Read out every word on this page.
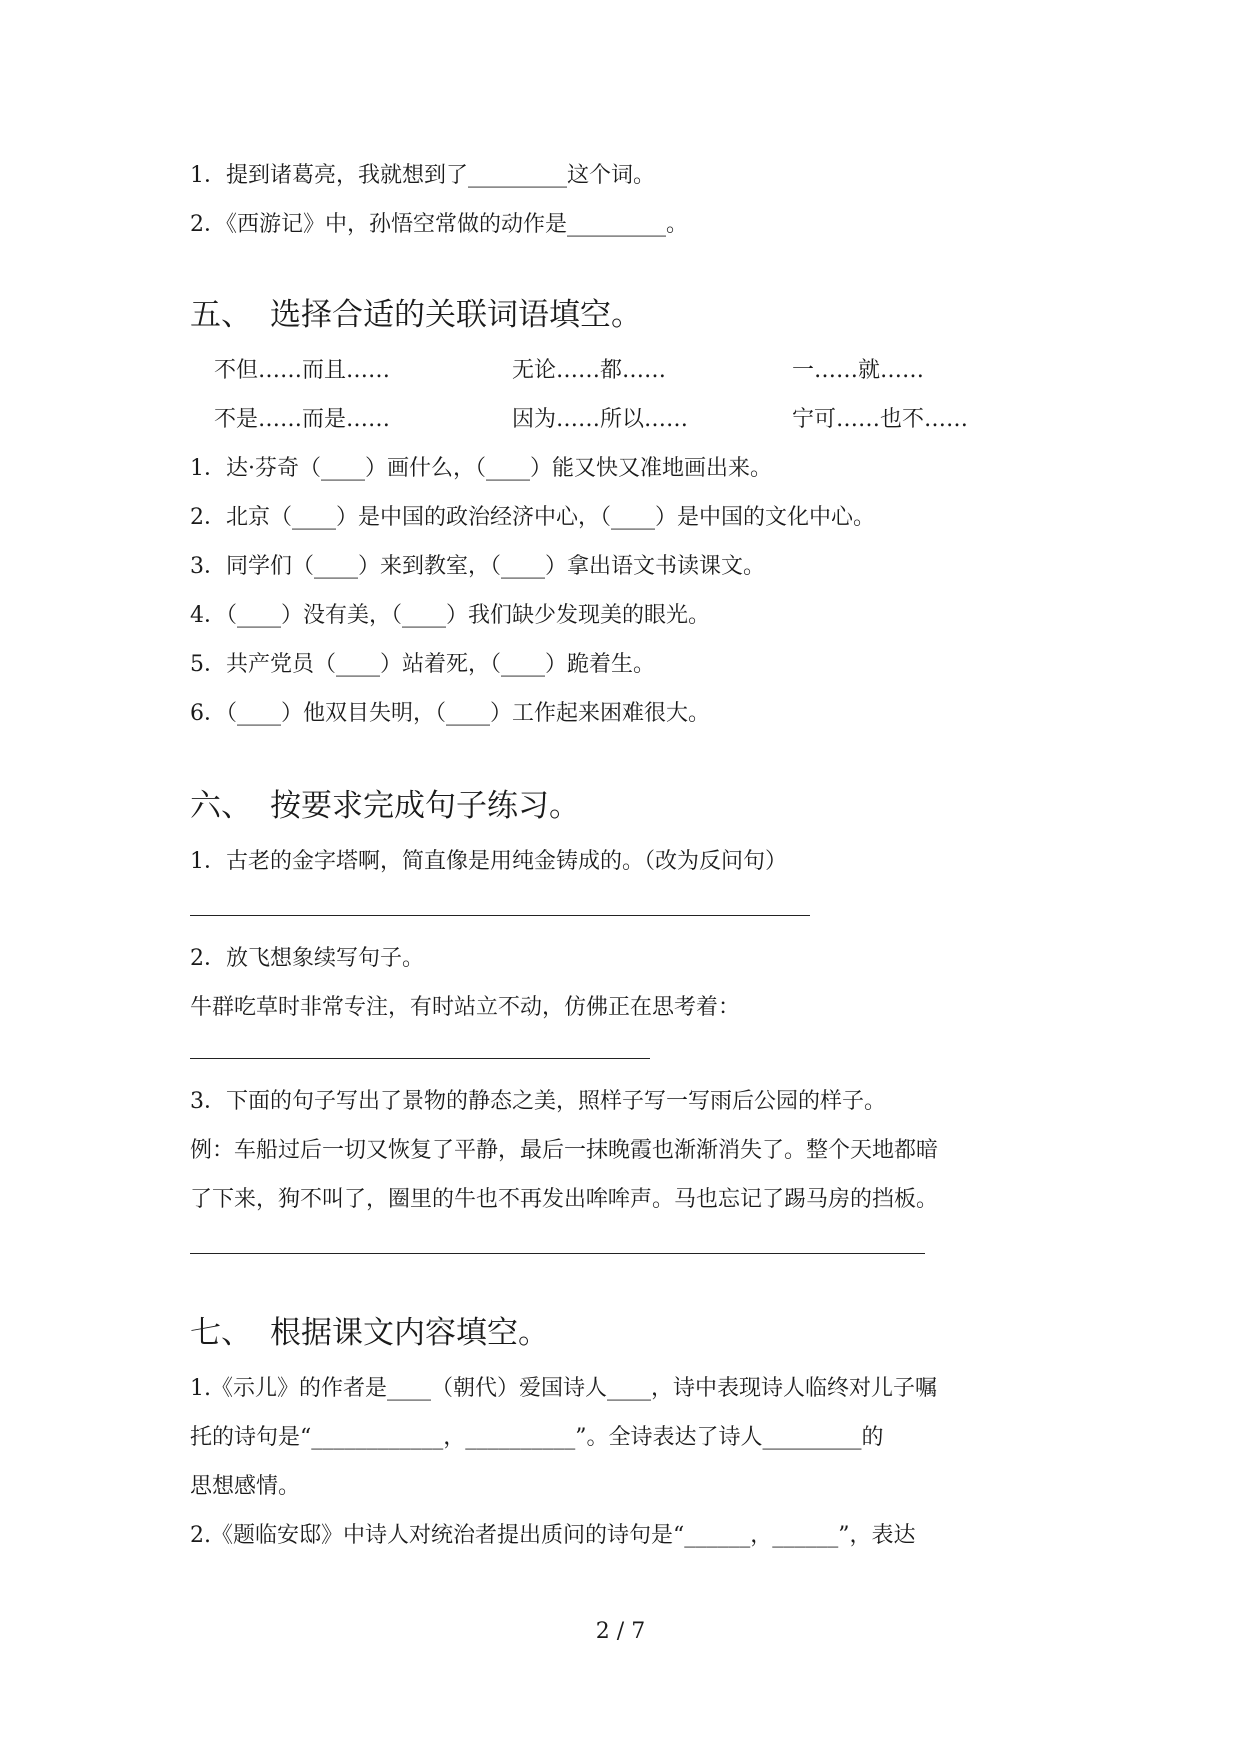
1．提到诸葛亮，我就想到了_________这个词。
2．《西游记》中，孙悟空常做的动作是_________。
五、 选择合适的关联词语填空。
不但……而且……	无论……都……	一……就……
不是……而是……	因为……所以……	宁可……也不……
1．达·芬奇（____）画什么，（____）能又快又准地画出来。
2．北京（____）是中国的政治经济中心，（____）是中国的文化中心。
3．同学们（____）来到教室，（____）拿出语文书读课文。
4．（____）没有美，（____）我们缺少发现美的眼光。
5．共产党员（____）站着死，（____）跪着生。
6．（____）他双目失明，（____）工作起来困难很大。
六、 按要求完成句子练习。
1．古老的金字塔啊，简直像是用纯金铸成的。（改为反问句）
2．放飞想象续写句子。
牛群吃草时非常专注，有时站立不动，仿佛正在思考着：
3．下面的句子写出了景物的静态之美，照样子写一写雨后公园的样子。
例：车船过后一切又恢复了平静，最后一抹晚霞也渐渐消失了。整个天地都暗
了下来，狗不叫了，圈里的牛也不再发出哞哞声。马也忘记了踢马房的挡板。
七、 根据课文内容填空。
1.《示儿》的作者是____（朝代）爱国诗人____，诗中表现诗人临终对儿子嘱
托的诗句是“____________，__________”。全诗表达了诗人_________的
思想感情。
2.《题临安邸》中诗人对统治者提出质问的诗句是“______，______”，表达
2 / 7
